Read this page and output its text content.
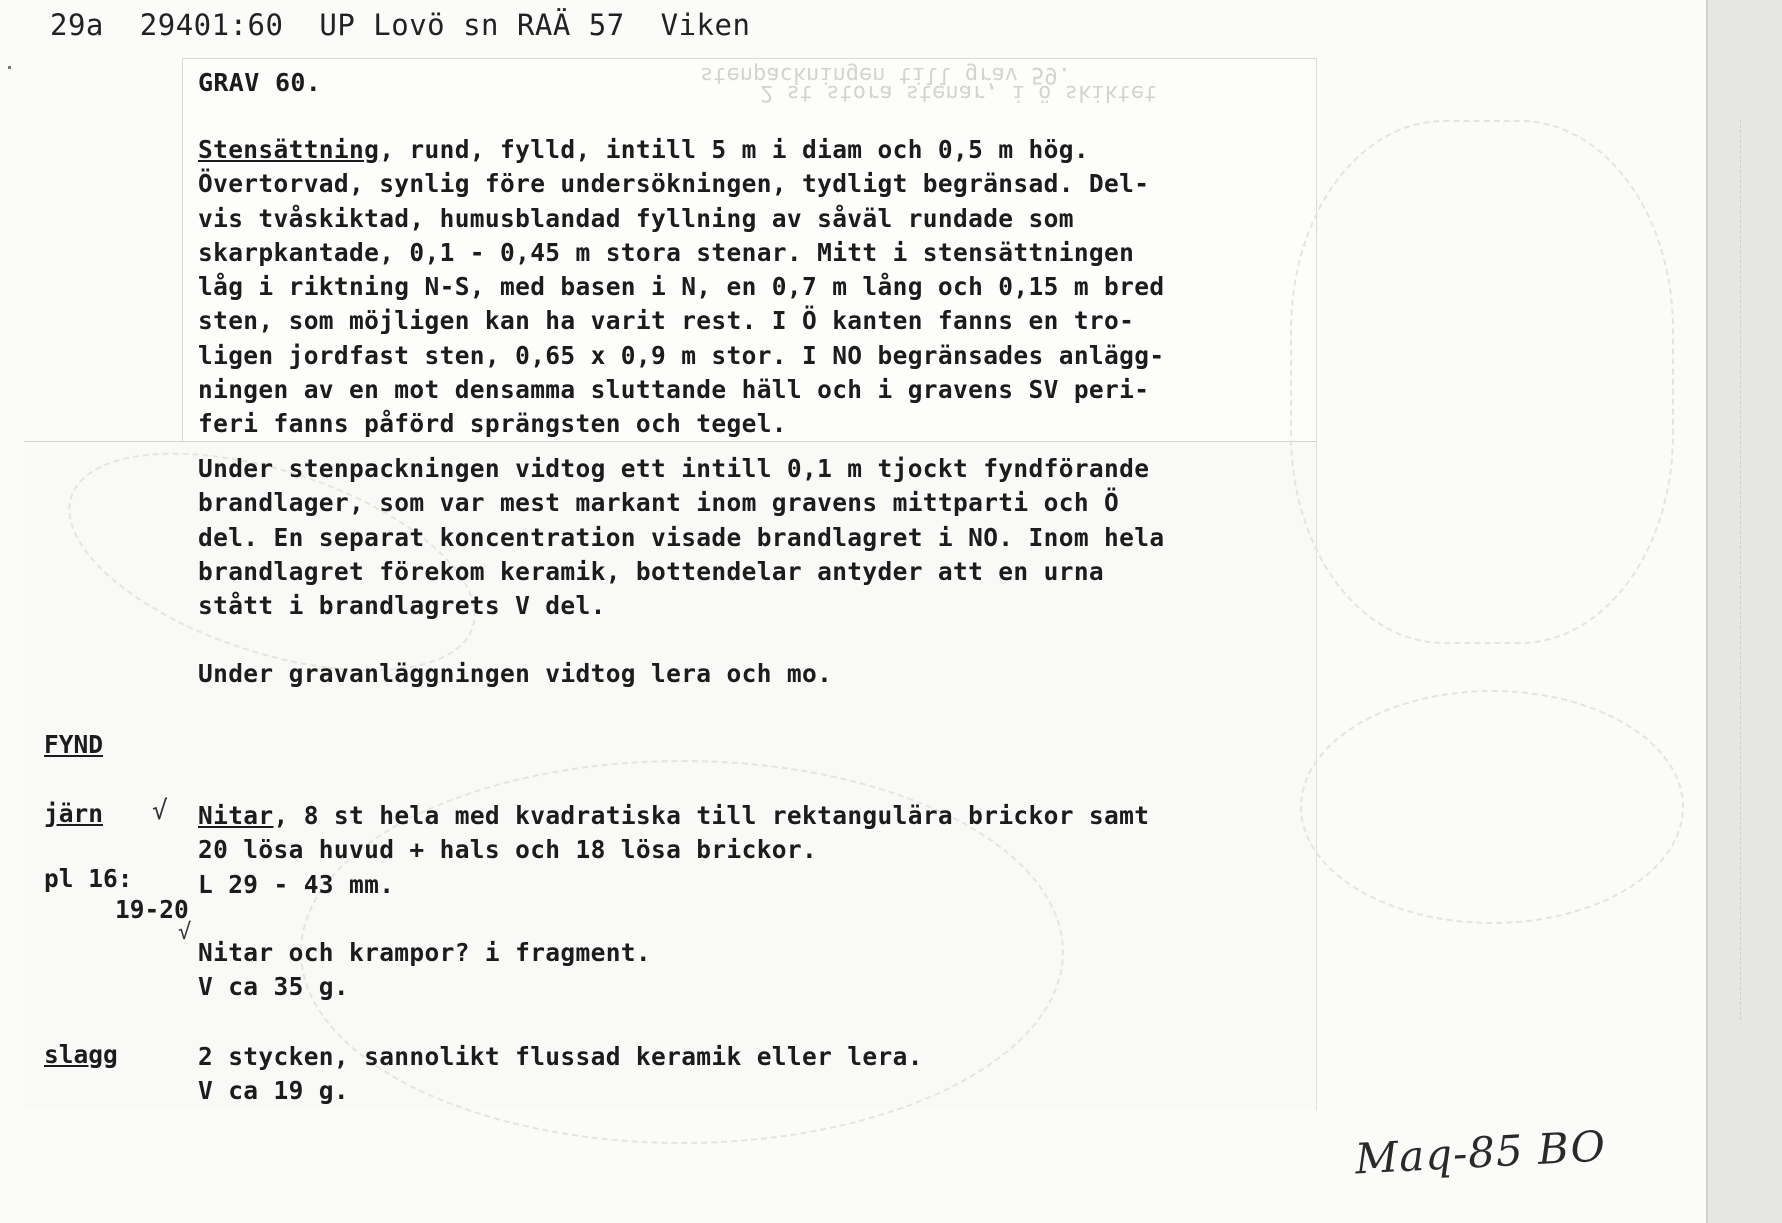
stenpackningen till grav 59.
2 st stora stenar, i ö skiktet
29a  29401:60  UP Lovö sn RAÄ 57  Viken
GRAV 60.
Stensättning, rund, fylld, intill 5 m i diam och 0,5 m hög.
Övertorvad, synlig före undersökningen, tydligt begränsad. Del-
vis tvåskiktad, humusblandad fyllning av såväl rundade som
skarpkantade, 0,1 - 0,45 m stora stenar. Mitt i stensättningen
låg i riktning N-S, med basen i N, en 0,7 m lång och 0,15 m bred
sten, som möjligen kan ha varit rest. I Ö kanten fanns en tro-
ligen jordfast sten, 0,65 x 0,9 m stor. I NO begränsades anlägg-
ningen av en mot densamma sluttande häll och i gravens SV peri-
feri fanns påförd sprängsten och tegel.
Under stenpackningen vidtog ett intill 0,1 m tjockt fyndförande
brandlager, som var mest markant inom gravens mittparti och Ö
del. En separat koncentration visade brandlagret i NO. Inom hela
brandlagret förekom keramik, bottendelar antyder att en urna
stått i brandlagrets V del.
Under gravanläggningen vidtog lera och mo.
FYND
järn √
pl 16:
19-20
Nitar, 8 st hela med kvadratiska till rektangulära brickor samt
20 lösa huvud + hals och 18 lösa brickor.
L 29 - 43 mm.
√
Nitar och krampor? i fragment.
V ca 35 g.
slagg	2 stycken, sannolikt flussad keramik eller lera.
V ca 19 g.
Maq-85 BO
